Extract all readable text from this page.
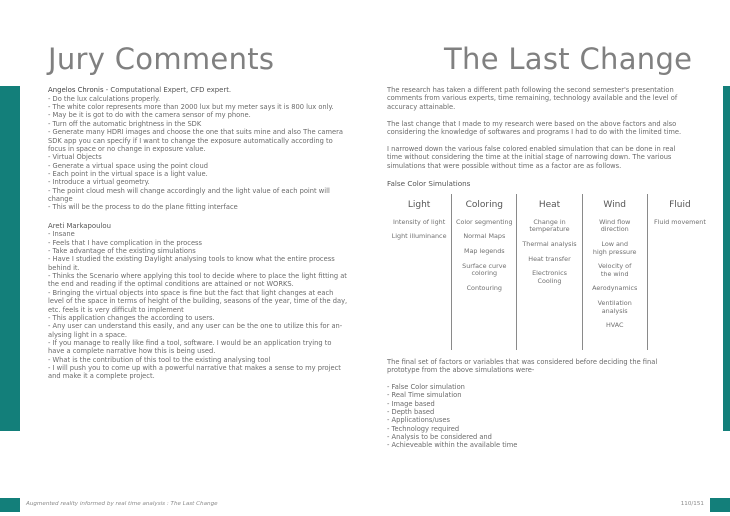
Jury Comments	The Last Change
Angelos Chronis - Computational Expert, CFD expert.
- Do the lux calculations properly.
- The white color represents more than 2000 lux but my meter says it is 800 lux only.
- May be it is got to do with the camera sensor of my phone.
- Turn off the automatic brightness in the SDK
- Generate many HDRI images and choose the one that suits mine and also The camera
SDK app you can specify if I want to change the exposure automatically according to
focus in space or no change in exposure value.
- Virtual Objects
- Generate a virtual space using the point cloud
- Each point in the virtual space is a light value.
- Introduce a virtual geometry.
- The point cloud mesh will change accordingly and the light value of each point will
change
- This will be the process to do the plane fitting interface
Areti Markapoulou
- Insane
- Feels that I have complication in the process
- Take advantage of the existing simulations
- Have I studied the existing Daylight analysing tools to know what the entire process
behind it.
- Thinks the Scenario where applying this tool to decide where to place the light fitting at
the end and reading if the optimal conditions are attained or not WORKS.
- Bringing the virtual objects into space is fine but the fact that light changes at each
level of the space in terms of height of the building, seasons of the year, time of the day,
etc. feels it is very difficult to implement
- This application changes the according to users.
- Any user can understand this easily, and any user can be the one to utilize this for an-
alysing light in a space.
- If you manage to really like find a tool, software. I would be an application trying to
have a complete narrative how this is being used.
- What is the contribution of this tool to the existing analysing tool
- I will push you to come up with a powerful narrative that makes a sense to my project
and make it a complete project.

The research has taken a different path following the second semester's presentation comments from various experts, time remaining, technology available and the level of accuracy attainable.

The last change that I made to my research were based on the above factors and also considering the knowledge of softwares and programs I had to do with the limited time.

I narrowed down the various false colored enabled simulation that can be done in real time without considering the time at the initial stage of narrowing down. The various simulations that were possible without time as a factor are as follows.

False Color Simulations
Light
Intensity of light
Light illuminance
Coloring
Color segmenting
Normal Maps
Map legends
Surface curve
coloring
Contouring
Heat
Change in
temperature
Thermal analysis
Heat transfer
Electronics
Cooling
Wind
Wind flow
direction
Low and
high pressure
Velocity of
the wind
Aerodynamics
Ventilation
analysis
HVAC
Fluid
Fluid movement

The final set of factors or variables that was considered before deciding the final prototype from the above simulations were-

- False Color simulation
- Real Time simulation
- Image based
- Depth based
- Applications/uses
- Technology required
- Analysis to be considered and
- Achieveable within the available time
Augmented reality informed by real time analysis : The Last Change	110/151
